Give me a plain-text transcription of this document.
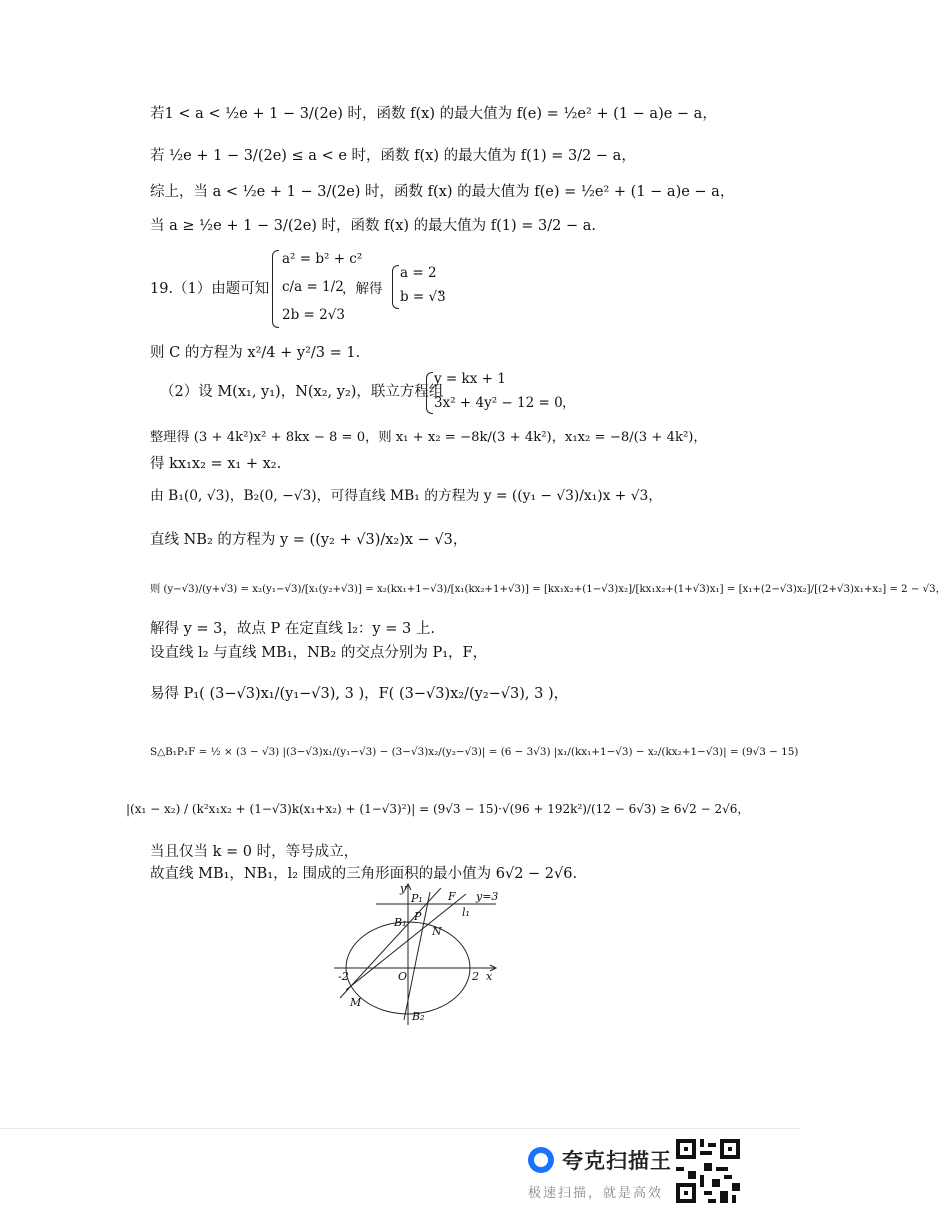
若1 < a < ½e + 1 − 3/(2e) 时，函数 f(x) 的最大值为 f(e) = ½e² + (1 − a)e − a，
若 ½e + 1 − 3/(2e) ≤ a < e 时，函数 f(x) 的最大值为 f(1) = 3/2 − a，
综上，当 a < ½e + 1 − 3/(2e) 时，函数 f(x) 的最大值为 f(e) = ½e² + (1 − a)e − a，
当 a ≥ ½e + 1 − 3/(2e) 时，函数 f(x) 的最大值为 f(1) = 3/2 − a.
19.（1）由题可知
a² = b² + c²
c/a = 1/2
2b = 2√3
，解得
a = 2
b = √3
，
则 C 的方程为 x²/4 + y²/3 = 1.
（2）设 M(x₁, y₁)，N(x₂, y₂)，联立方程组
y = kx + 1
3x² + 4y² − 12 = 0 ，
整理得 (3 + 4k²)x² + 8kx − 8 = 0，则 x₁ + x₂ = −8k/(3 + 4k²)，x₁x₂ = −8/(3 + 4k²)，
得 kx₁x₂ = x₁ + x₂.
由 B₁(0, √3)，B₂(0, −√3)，可得直线 MB₁ 的方程为 y = ((y₁ − √3)/x₁)x + √3，
直线 NB₂ 的方程为 y = ((y₂ + √3)/x₂)x − √3，
则 (y−√3)/(y+√3) = x₂(y₁−√3)/[x₁(y₂+√3)] = x₂(kx₁+1−√3)/[x₁(kx₂+1+√3)] = [kx₁x₂+(1−√3)x₂]/[kx₁x₂+(1+√3)x₁] = [x₁+(2−√3)x₂]/[(2+√3)x₁+x₂] = 2 − √3，
解得 y = 3，故点 P 在定直线 l₂：y = 3 上.
设直线 l₂ 与直线 MB₁，NB₂ 的交点分别为 P₁，F，
易得 P₁( (3−√3)x₁/(y₁−√3), 3 )，F( (3−√3)x₂/(y₂−√3), 3 )，
S△B₁P₁F = ½ × (3 − √3) |(3−√3)x₁/(y₁−√3) − (3−√3)x₂/(y₂−√3)| = (6 − 3√3) |x₁/(kx₁+1−√3) − x₂/(kx₂+1−√3)| = (9√3 − 15)
|(x₁ − x₂) / (k²x₁x₂ + (1−√3)k(x₁+x₂) + (1−√3)²)| = (9√3 − 15)·√(96 + 192k²)/(12 − 6√3) ≥ 6√2 − 2√6，
当且仅当 k = 0 时，等号成立，
故直线 MB₁，NB₁，l₂ 围成的三角形面积的最小值为 6√2 − 2√6.
y
x
O
-2	2
B₁
B₂
P₁
P
F
N
M
y=3
l₁
夸克扫描王
极速扫描，就是高效
